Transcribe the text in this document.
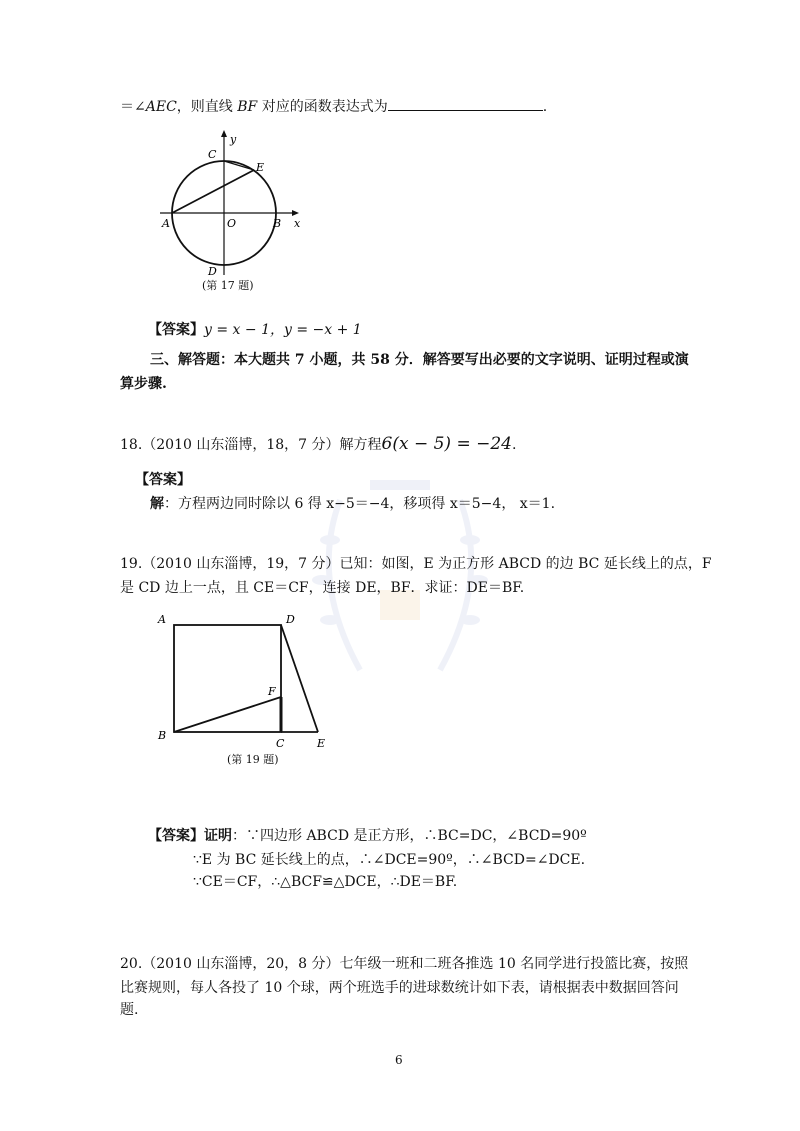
＝∠AEC，则直线 BF 对应的函数表达式为	.
C
y
E
A	O	B x
D
(第 17 题)
【答案】y = x − 1，y = −x + 1
三、解答题：本大题共 7 小题，共 58 分．解答要写出必要的文字说明、证明过程或演
算步骤.
18.（2010 山东淄博，18，7 分）解方程6(x − 5) = −24.
【答案】
解：方程两边同时除以 6 得 x−5＝−4，移项得 x＝5−4， x＝1.
19.（2010 山东淄博，19，7 分）已知：如图，E 为正方形 ABCD 的边 BC 延长线上的点，F
是 CD 边上一点，且 CE＝CF，连接 DE，BF．求证：DE＝BF.
A	D
F
B
C	E
(第 19 题)
【答案】证明：∵四边形 ABCD 是正方形，∴BC=DC，∠BCD=90º
∵E 为 BC 延长线上的点，∴∠DCE=90º，∴∠BCD=∠DCE.
∵CE＝CF，∴△BCF≌△DCE，∴DE＝BF.
20.（2010 山东淄博，20，8 分）七年级一班和二班各推选 10 名同学进行投篮比赛，按照
比赛规则，每人各投了 10 个球，两个班选手的进球数统计如下表，请根据表中数据回答问
题.
6
